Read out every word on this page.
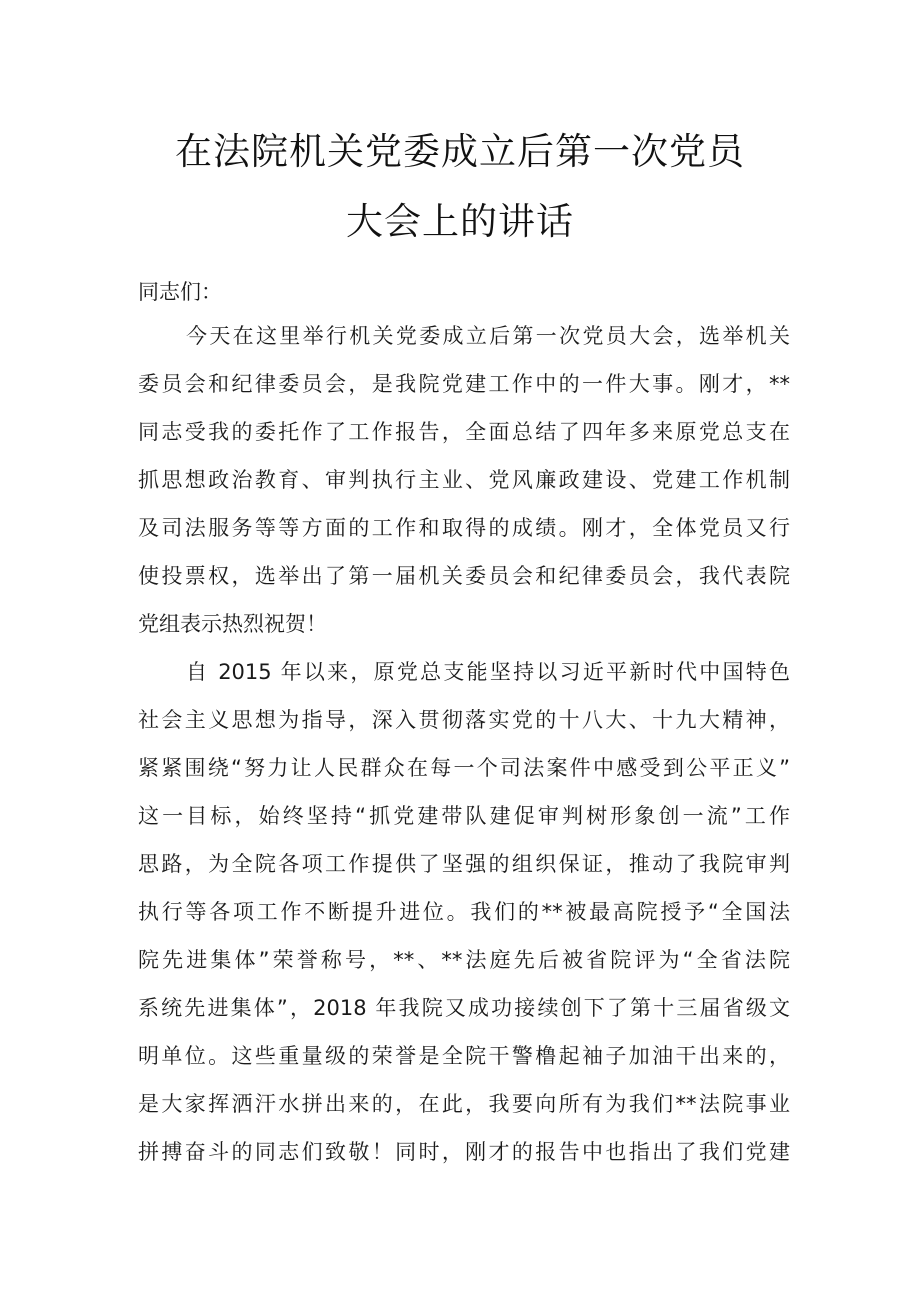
在法院机关党委成立后第一次党员
大会上的讲话
同志们：
今天在这里举行机关党委成立后第一次党员大会，选举机关
委员会和纪律委员会，是我院党建工作中的一件大事。刚才，**
同志受我的委托作了工作报告，全面总结了四年多来原党总支在
抓思想政治教育、审判执行主业、党风廉政建设、党建工作机制
及司法服务等等方面的工作和取得的成绩。刚才，全体党员又行
使投票权，选举出了第一届机关委员会和纪律委员会，我代表院
党组表示热烈祝贺！
自 2015 年以来，原党总支能坚持以习近平新时代中国特色
社会主义思想为指导，深入贯彻落实党的十八大、十九大精神，
紧紧围绕“努力让人民群众在每一个司法案件中感受到公平正义”
这一目标，始终坚持“抓党建带队建促审判树形象创一流”工作
思路，为全院各项工作提供了坚强的组织保证，推动了我院审判
执行等各项工作不断提升进位。我们的**被最高院授予“全国法
院先进集体”荣誉称号，**、**法庭先后被省院评为“全省法院
系统先进集体”，2018 年我院又成功接续创下了第十三届省级文
明单位。这些重量级的荣誉是全院干警橹起袖子加油干出来的，
是大家挥洒汗水拼出来的，在此，我要向所有为我们**法院事业
拼搏奋斗的同志们致敬！同时，刚才的报告中也指出了我们党建
